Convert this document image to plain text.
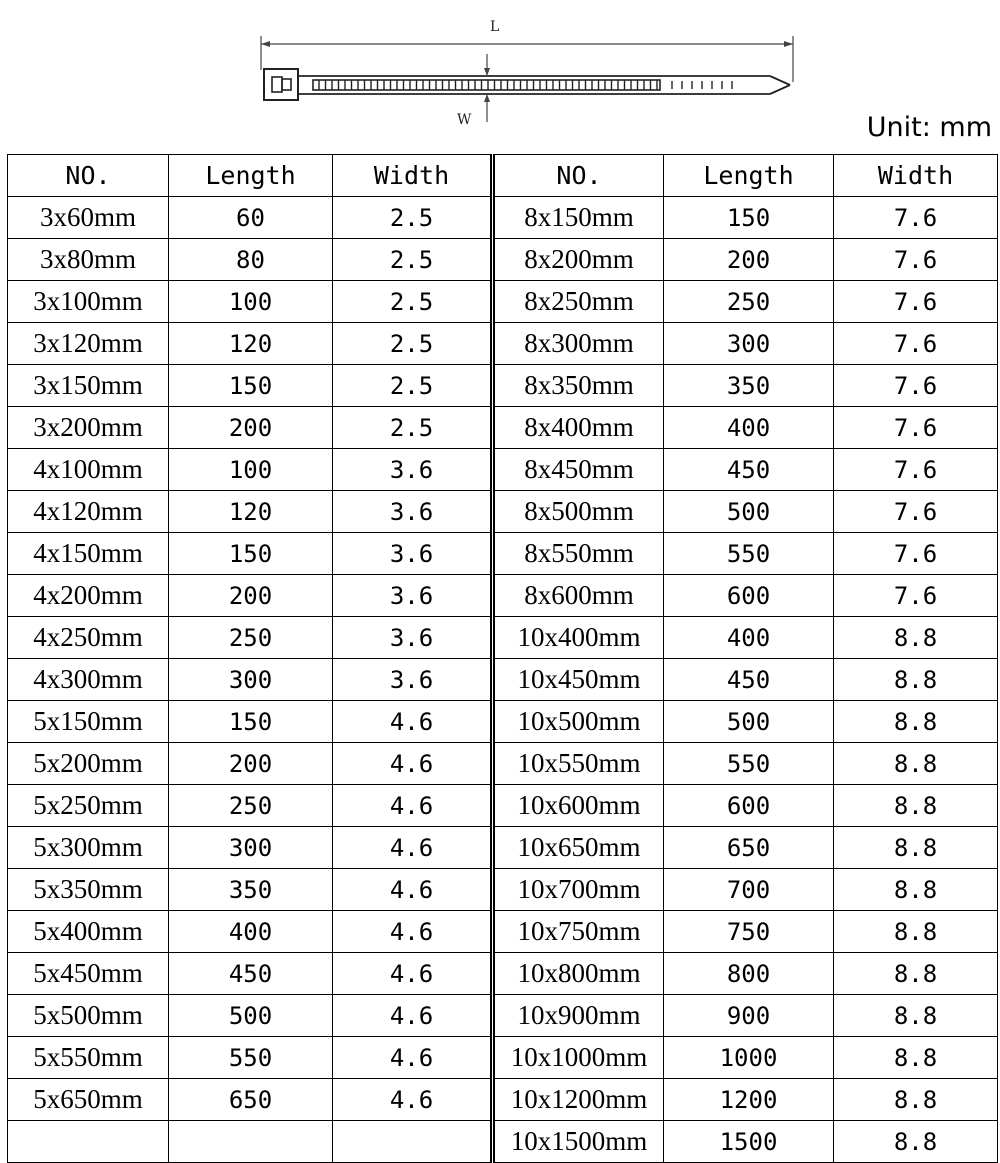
L
W	Unit: mm
NO.	Length	Width	NO.	Length	Width
3x60mm	60	2.5	8x150mm	150	7.6
3x80mm	80	2.5	8x200mm	200	7.6
3x100mm	100	2.5	8x250mm	250	7.6
3x120mm	120	2.5	8x300mm	300	7.6
3x150mm	150	2.5	8x350mm	350	7.6
3x200mm	200	2.5	8x400mm	400	7.6
4x100mm	100	3.6	8x450mm	450	7.6
4x120mm	120	3.6	8x500mm	500	7.6
4x150mm	150	3.6	8x550mm	550	7.6
4x200mm	200	3.6	8x600mm	600	7.6
4x250mm	250	3.6	10x400mm	400	8.8
4x300mm	300	3.6	10x450mm	450	8.8
5x150mm	150	4.6	10x500mm	500	8.8
5x200mm	200	4.6	10x550mm	550	8.8
5x250mm	250	4.6	10x600mm	600	8.8
5x300mm	300	4.6	10x650mm	650	8.8
5x350mm	350	4.6	10x700mm	700	8.8
5x400mm	400	4.6	10x750mm	750	8.8
5x450mm	450	4.6	10x800mm	800	8.8
5x500mm	500	4.6	10x900mm	900	8.8
5x550mm	550	4.6	10x1000mm	1000	8.8
5x650mm	650	4.6	10x1200mm	1200	8.8
			10x1500mm	1500	8.8
